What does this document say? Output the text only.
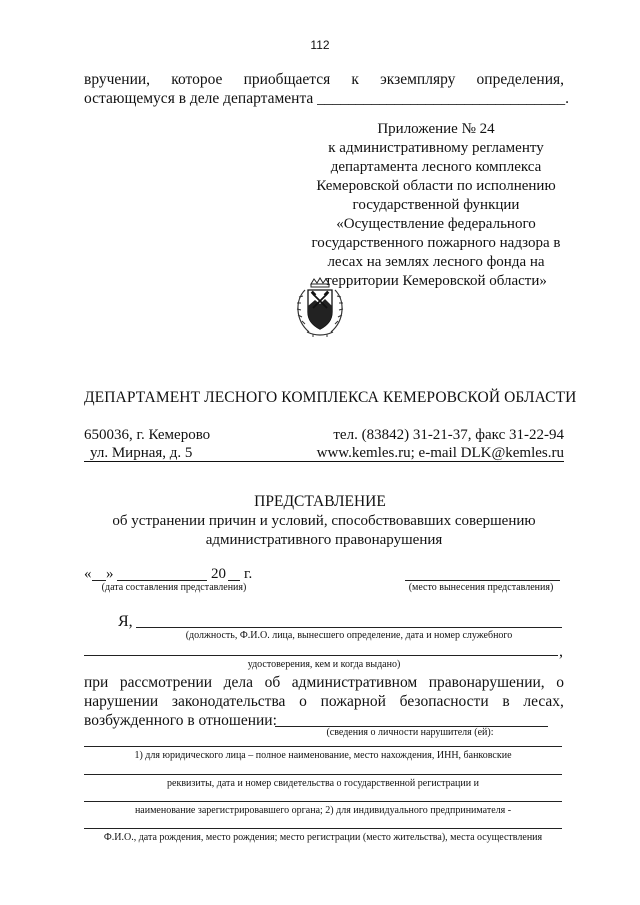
112
вручении, которое приобщается к экземпляру определения,
остающемуся в деле департамента ________________________________.
Приложение № 24
к административному регламенту
департамента лесного комплекса
Кемеровской области по исполнению
государственной функции
«Осуществление федерального
государственного пожарного надзора в
лесах на землях лесного фонда на
территории Кемеровской области»
ДЕПАРТАМЕНТ ЛЕСНОГО КОМПЛЕКСА КЕМЕРОВСКОЙ ОБЛАСТИ
650036, г. Кемерово	тел. (83842) 31-21-37, факс 31-22-94
ул. Мирная, д. 5	www.kemles.ru; e-mail DLK@kemles.ru
ПРЕДСТАВЛЕНИЕ
об устранении причин и условий, способствовавших совершению
административного правонарушения
« »	20 г.
(дата составления представления)	(место вынесения представления)
Я,
(должность, Ф.И.О. лица, вынесшего определение, дата и номер служебного
,
удостоверения, кем и когда выдано)
при рассмотрении дела об административном правонарушении, о
нарушении законодательства о пожарной безопасности в лесах,
возбужденного в отношении:
(сведения о личности нарушителя (ей):
1) для юридического лица – полное наименование, место нахождения, ИНН, банковские
реквизиты, дата и номер свидетельства о государственной регистрации и
наименование зарегистрировавшего органа; 2) для индивидуального предпринимателя -
Ф.И.О., дата рождения, место рождения; место регистрации (место жительства), места осуществления
